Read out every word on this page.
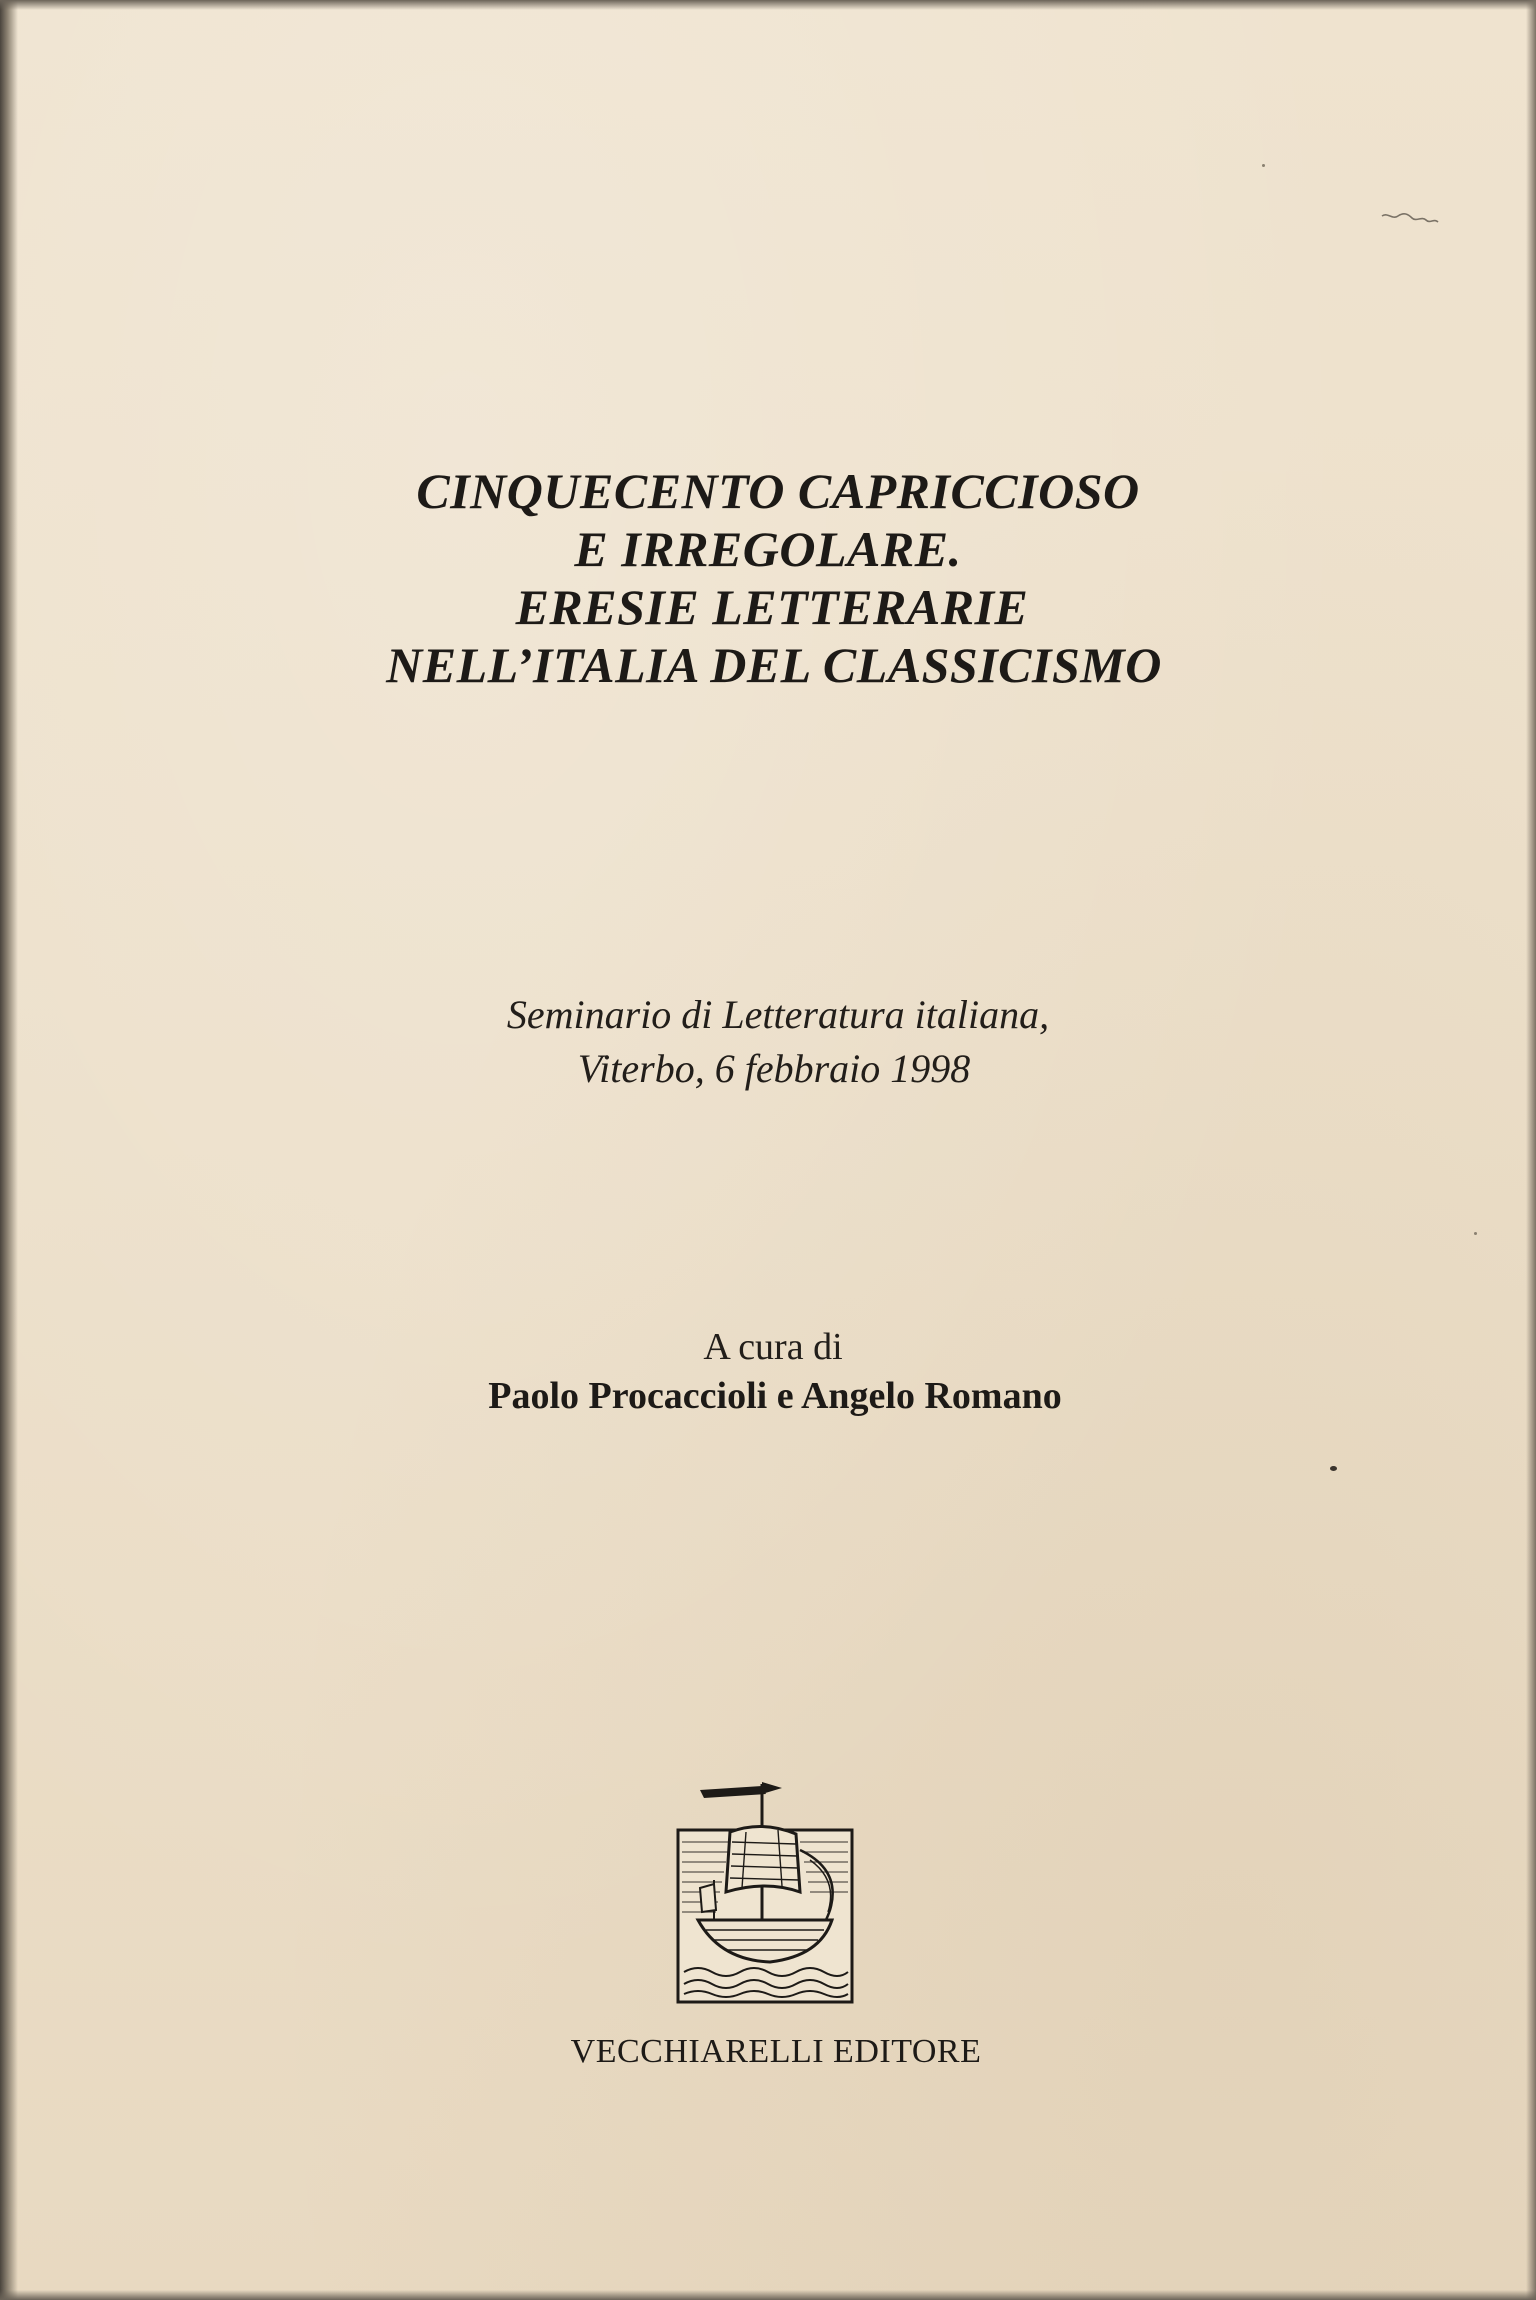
CINQUECENTO CAPRICCIOSO
E IRREGOLARE.
ERESIE LETTERARIE
NELL’ITALIA DEL CLASSICISMO
Seminario di Letteratura italiana,
Viterbo, 6 febbraio 1998
A cura di
Paolo Procaccioli e Angelo Romano
VECCHIARELLI EDITORE
